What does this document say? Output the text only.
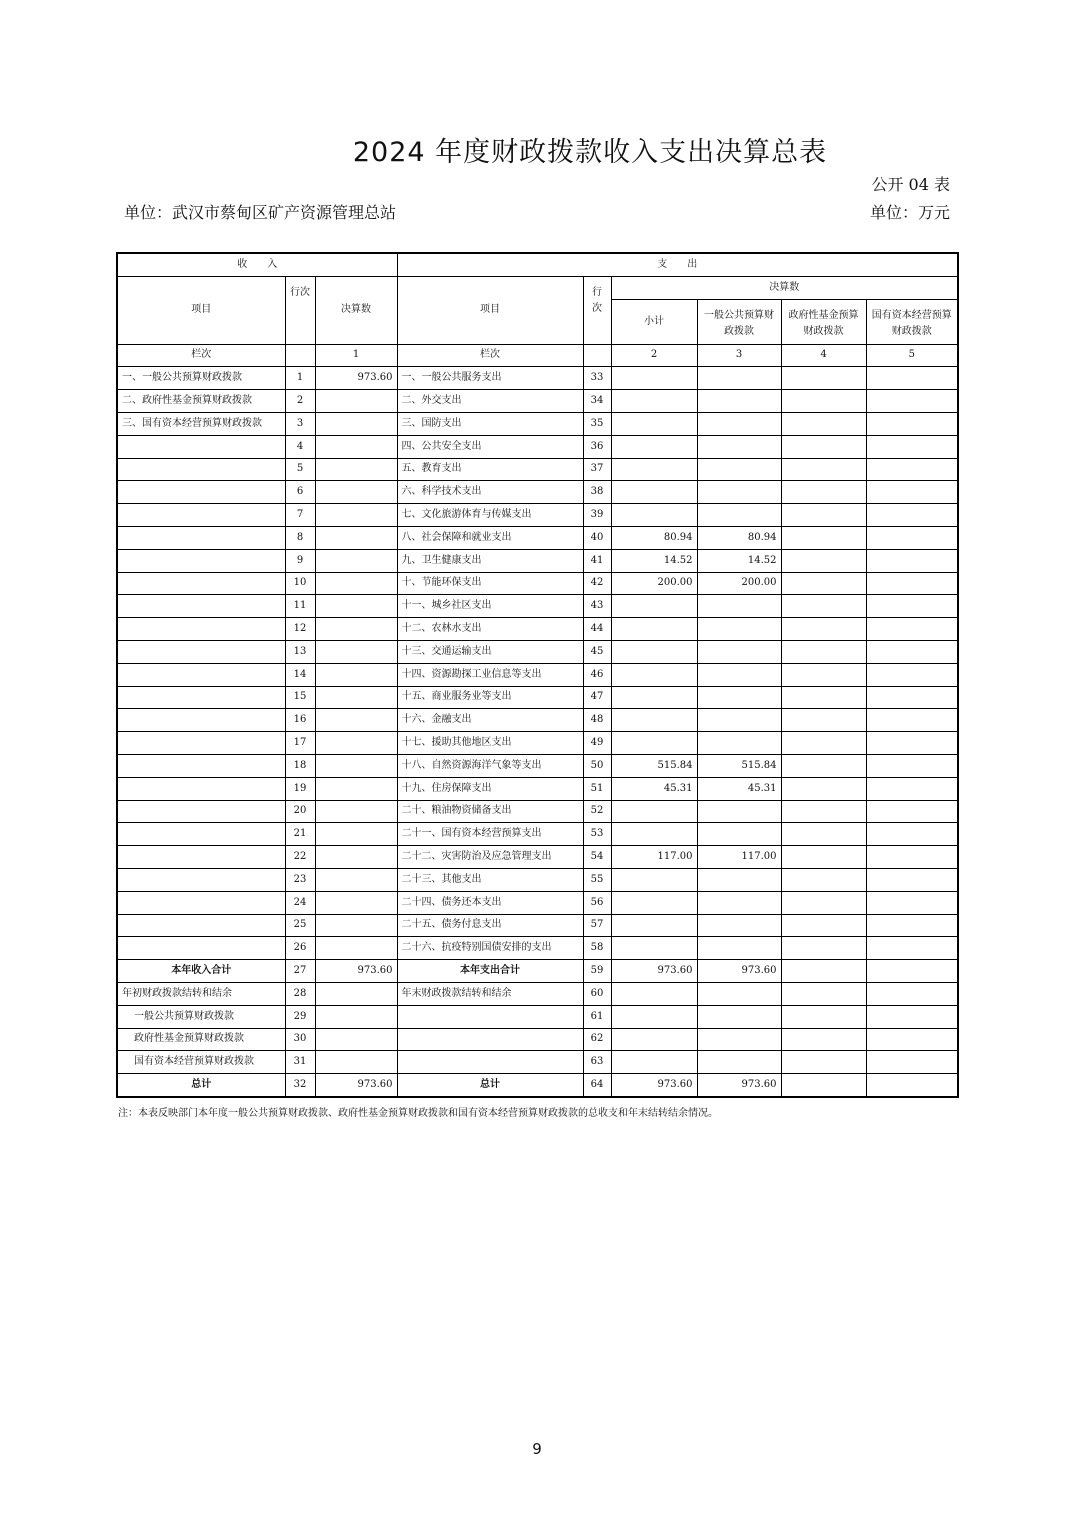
2024 年度财政拨款收入支出决算总表
公开 04 表
单位：武汉市蔡甸区矿产资源管理总站	单位：万元
收　　入			支　　出					
项目	行次	决算数	项目	行次	决算数			
					小计	一般公共预算财政拨款	政府性基金预算财政拨款	国有资本经营预算财政拨款
栏次		1	栏次		2	3	4	5
一、一般公共预算财政拨款	1	973.60	一、一般公共服务支出	33				
二、政府性基金预算财政拨款	2		二、外交支出	34				
三、国有资本经营预算财政拨款	3		三、国防支出	35				
	4		四、公共安全支出	36				
	5		五、教育支出	37				
	6		六、科学技术支出	38				
	7		七、文化旅游体育与传媒支出	39				
	8		八、社会保障和就业支出	40	80.94	80.94		
	9		九、卫生健康支出	41	14.52	14.52		
	10		十、节能环保支出	42	200.00	200.00		
	11		十一、城乡社区支出	43				
	12		十二、农林水支出	44				
	13		十三、交通运输支出	45				
	14		十四、资源勘探工业信息等支出	46				
	15		十五、商业服务业等支出	47				
	16		十六、金融支出	48				
	17		十七、援助其他地区支出	49				
	18		十八、自然资源海洋气象等支出	50	515.84	515.84		
	19		十九、住房保障支出	51	45.31	45.31		
	20		二十、粮油物资储备支出	52				
	21		二十一、国有资本经营预算支出	53				
	22		二十二、灾害防治及应急管理支出	54	117.00	117.00		
	23		二十三、其他支出	55				
	24		二十四、债务还本支出	56				
	25		二十五、债务付息支出	57				
	26		二十六、抗疫特别国债安排的支出	58				
本年收入合计	27	973.60	本年支出合计	59	973.60	973.60		
年初财政拨款结转和结余	28		年末财政拨款结转和结余	60				
一般公共预算财政拨款	29			61				
政府性基金预算财政拨款	30			62				
国有资本经营预算财政拨款	31			63				
总计	32	973.60	总计	64	973.60	973.60		
注：本表反映部门本年度一般公共预算财政拨款、政府性基金预算财政拨款和国有资本经营预算财政拨款的总收支和年末结转结余情况。
9
